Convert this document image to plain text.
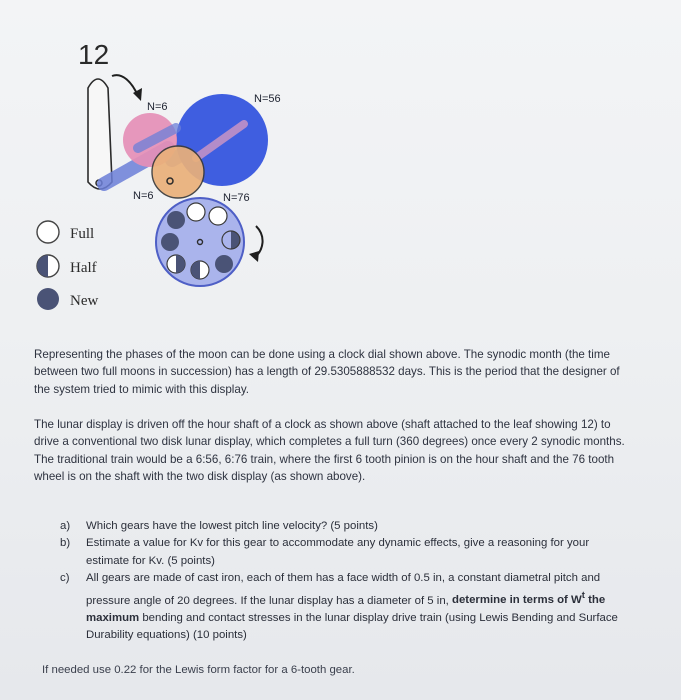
12
N=6
N=56
N=6	N=76
Full
Half
New

Representing the phases of the moon can be done using a clock dial shown above. The synodic month (the time between two full moons in succession) has a length of 29.5305888532 days. This is the period that the designer of the system tried to mimic with this display.

The lunar display is driven off the hour shaft of a clock as shown above (shaft attached to the leaf showing 12) to drive a conventional two disk lunar display, which completes a full turn (360 degrees) once every 2 synodic months. The traditional train would be a 6:56, 6:76 train, where the first 6 tooth pinion is on the hour shaft and the 76 tooth wheel is on the shaft with the two disk display (as shown above).

a) Which gears have the lowest pitch line velocity? (5 points)

b) Estimate a value for Kv for this gear to accommodate any dynamic effects, give a reasoning for your estimate for Kv. (5 points)

c) All gears are made of cast iron, each of them has a face width of 0.5 in, a constant diametral pitch and pressure angle of 20 degrees. If the lunar display has a diameter of 5 in, determine in terms of $W^t$ the maximum bending and contact stresses in the lunar display drive train (using Lewis Bending and Surface Durability equations) (10 points)

If needed use 0.22 for the Lewis form factor for a 6-tooth gear.
